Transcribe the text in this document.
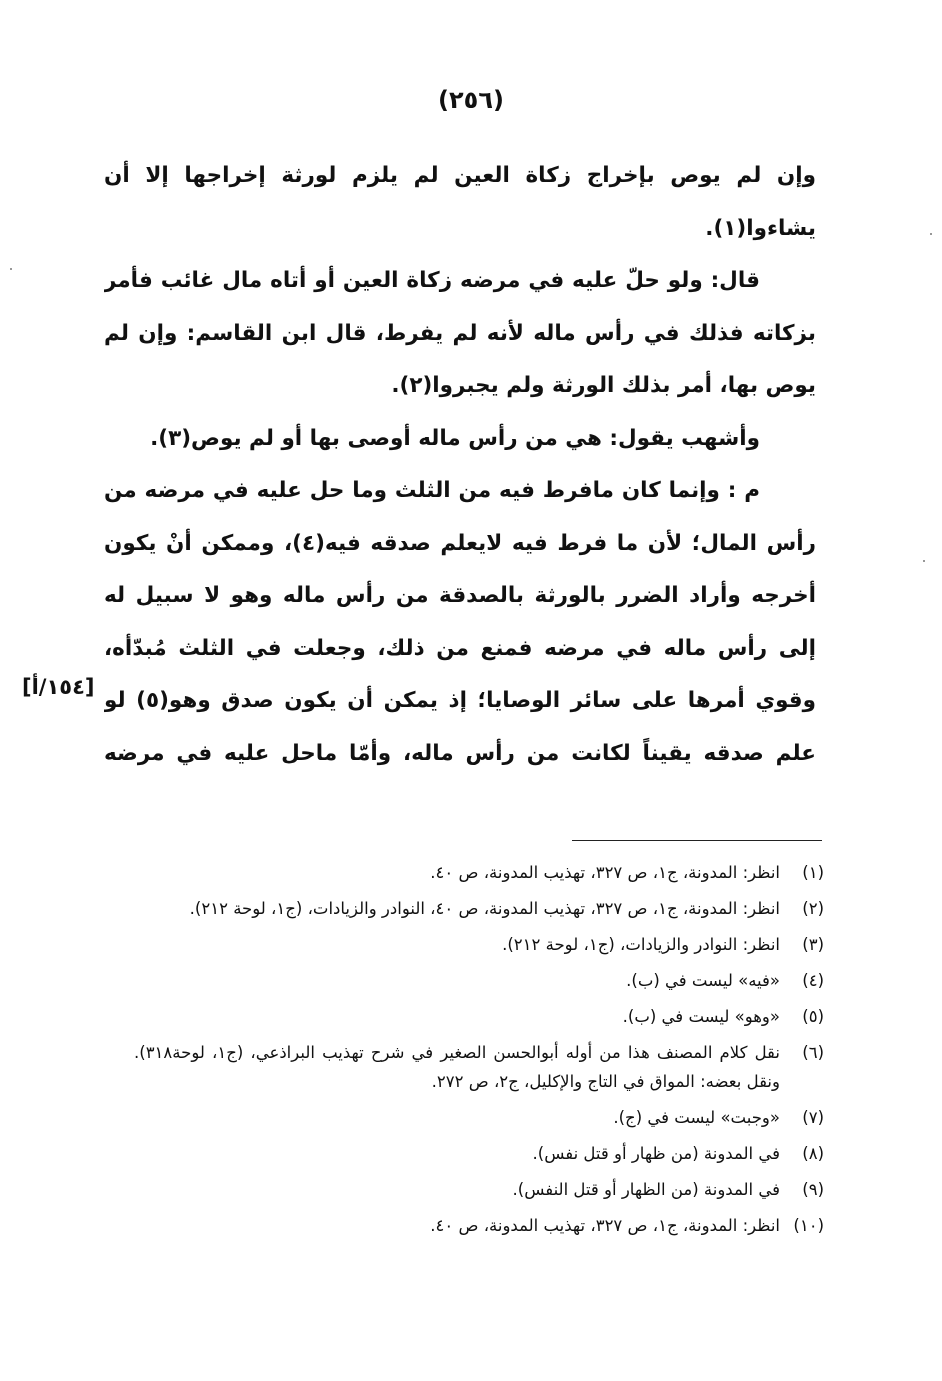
(٢٥٦)

وإن لم يوص بإخراج زكاة العين لم يلزم لورثة إخراجها إلا أن يشاءوا(١).

قال: ولو حلّ عليه في مرضه زكاة العين أو أتاه مال غائب فأمر بزكاته فذلك في رأس ماله لأنه لم يفرط، قال ابن القاسم: وإن لم يوص بها، أمر بذلك الورثة ولم يجبروا(٢).

وأشهب يقول: هي من رأس ماله أوصى بها أو لم يوص(٣).

م : وإنما كان مافرط فيه من الثلث وما حل عليه في مرضه من رأس المال؛ لأن ما فرط فيه لايعلم صدقه فيه(٤)، وممكن أنْ يكون أخرجه وأراد الضرر بالورثة بالصدقة من رأس ماله وهو لا سبيل له إلى رأس ماله في مرضه فمنع من ذلك، وجعلت في الثلث مُبدّأه، وقوي أمرها على سائر الوصايا؛ إذ يمكن أن يكون صدق وهو(٥) لو علم صدقه يقيناً لكانت من رأس ماله، وأمّا ماحل عليه في مرضه

[١٥٤/أ]
(١)
انظر: المدونة، ج١، ص ٣٢٧، تهذيب المدونة، ص ٤٠.
(٢)
انظر: المدونة، ج١، ص ٣٢٧، تهذيب المدونة، ص ٤٠، النوادر والزيادات، (ج١، لوحة ٢١٢).
(٣)
انظر: النوادر والزيادات، (ج١، لوحة ٢١٢).
(٤)
«فيه» ليست في (ب).
(٥)
«وهو» ليست في (ب).
(٦)
نقل كلام المصنف هذا من أوله أبوالحسن الصغير في شرح تهذيب البراذعي، (ج١، لوحة٣١٨). ونقل بعضه: المواق في التاج والإكليل، ج٢، ص ٢٧٢.
(٧)
«وجبت» ليست في (ج).
(٨)
في المدونة (من ظهار أو قتل نفس).
(٩)
في المدونة (من الظهار أو قتل النفس).
(١٠)
انظر: المدونة، ج١، ص ٣٢٧، تهذيب المدونة، ص ٤٠.
